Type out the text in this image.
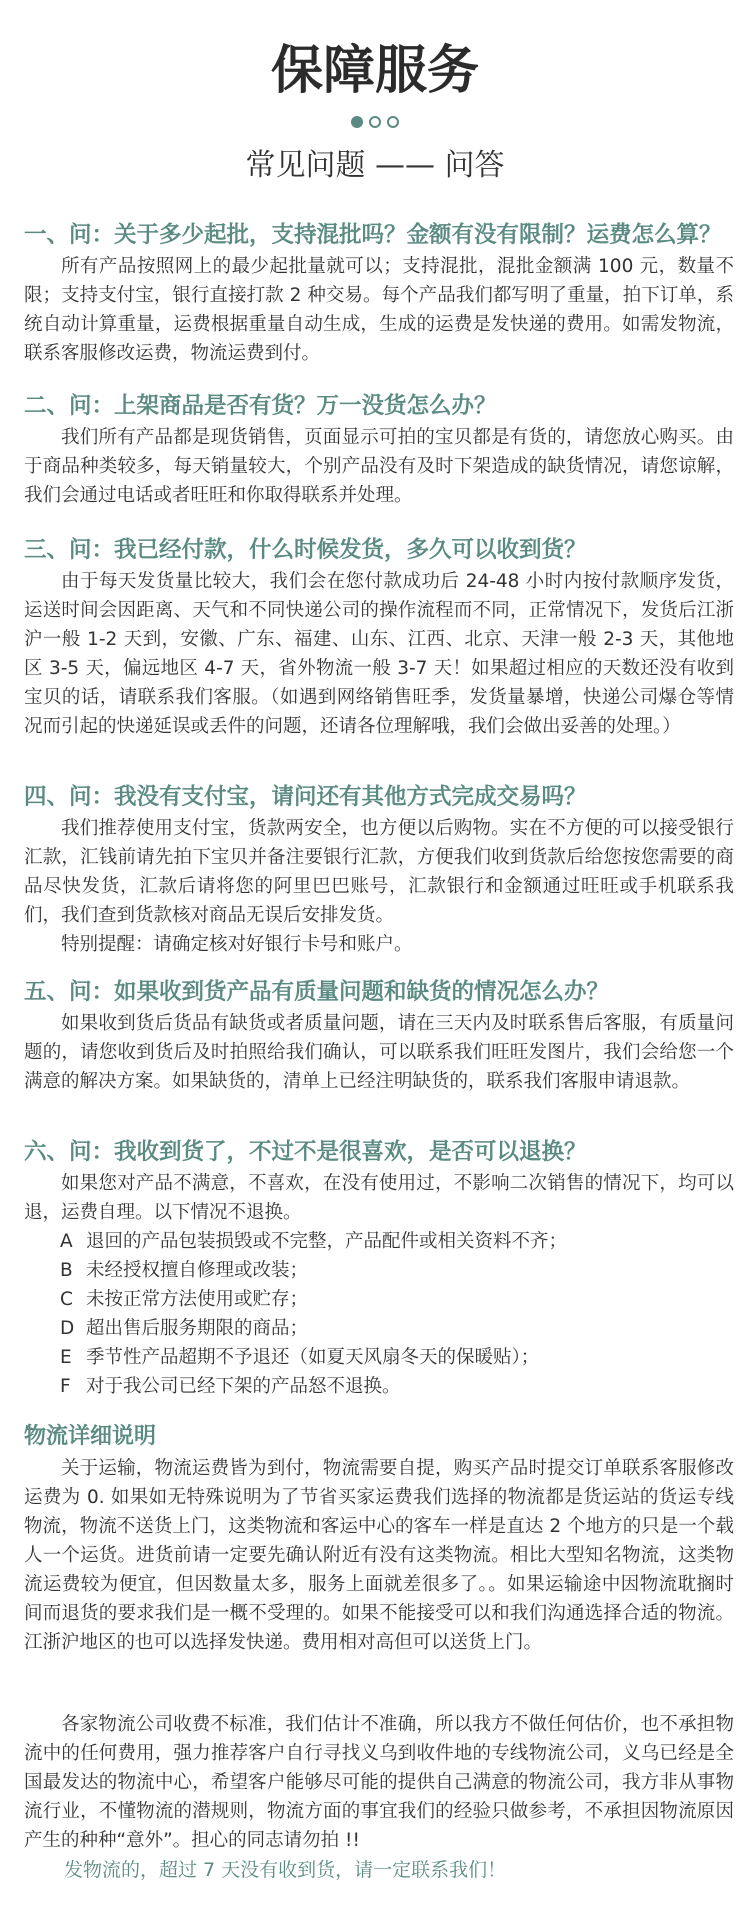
保障服务
常见问题 —— 问答
一、问：关于多少起批，支持混批吗？金额有没有限制？运费怎么算？

所有产品按照网上的最少起批量就可以；支持混批，混批金额满 100 元，数量不限；支持支付宝，银行直接打款 2 种交易。每个产品我们都写明了重量，拍下订单，系统自动计算重量，运费根据重量自动生成，生成的运费是发快递的费用。如需发物流，联系客服修改运费，物流运费到付。

二、问：上架商品是否有货？万一没货怎么办？

我们所有产品都是现货销售，页面显示可拍的宝贝都是有货的，请您放心购买。由于商品种类较多，每天销量较大，个别产品没有及时下架造成的缺货情况，请您谅解，我们会通过电话或者旺旺和你取得联系并处理。

三、问：我已经付款，什么时候发货，多久可以收到货？

由于每天发货量比较大，我们会在您付款成功后 24-48 小时内按付款顺序发货，运送时间会因距离、天气和不同快递公司的操作流程而不同，正常情况下，发货后江浙沪一般 1-2 天到，安徽、广东、福建、山东、江西、北京、天津一般 2-3 天，其他地区 3-5 天，偏远地区 4-7 天，省外物流一般 3-7 天！如果超过相应的天数还没有收到宝贝的话，请联系我们客服。（如遇到网络销售旺季，发货量暴增，快递公司爆仓等情况而引起的快递延误或丢件的问题，还请各位理解哦，我们会做出妥善的处理。）

四、问：我没有支付宝，请问还有其他方式完成交易吗？

我们推荐使用支付宝，货款两安全，也方便以后购物。实在不方便的可以接受银行汇款，汇钱前请先拍下宝贝并备注要银行汇款，方便我们收到货款后给您按您需要的商品尽快发货，汇款后请将您的阿里巴巴账号，汇款银行和金额通过旺旺或手机联系我们，我们查到货款核对商品无误后安排发货。

特别提醒：请确定核对好银行卡号和账户。

五、问：如果收到货产品有质量问题和缺货的情况怎么办？

如果收到货后货品有缺货或者质量问题，请在三天内及时联系售后客服，有质量问题的，请您收到货后及时拍照给我们确认，可以联系我们旺旺发图片，我们会给您一个满意的解决方案。如果缺货的，清单上已经注明缺货的，联系我们客服申请退款。

六、问：我收到货了，不过不是很喜欢，是否可以退换？

如果您对产品不满意，不喜欢，在没有使用过，不影响二次销售的情况下，均可以退，运费自理。以下情况不退换。

A 退回的产品包装损毁或不完整，产品配件或相关资料不齐；

B 未经授权擅自修理或改装；

C 未按正常方法使用或贮存；

D 超出售后服务期限的商品；

E 季节性产品超期不予退还（如夏天风扇冬天的保暖贴）；

F 对于我公司已经下架的产品怒不退换。

物流详细说明

关于运输，物流运费皆为到付，物流需要自提，购买产品时提交订单联系客服修改运费为 0. 如果如无特殊说明为了节省买家运费我们选择的物流都是货运站的货运专线物流，物流不送货上门，这类物流和客运中心的客车一样是直达 2 个地方的只是一个载人一个运货。进货前请一定要先确认附近有没有这类物流。相比大型知名物流，这类物流运费较为便宜，但因数量太多，服务上面就差很多了。。如果运输途中因物流耽搁时间而退货的要求我们是一概不受理的。如果不能接受可以和我们沟通选择合适的物流。江浙沪地区的也可以选择发快递。费用相对高但可以送货上门。

各家物流公司收费不标准，我们估计不准确，所以我方不做任何估价，也不承担物流中的任何费用，强力推荐客户自行寻找义乌到收件地的专线物流公司，义乌已经是全国最发达的物流中心，希望客户能够尽可能的提供自己满意的物流公司，我方非从事物流行业，不懂物流的潜规则，物流方面的事宜我们的经验只做参考，不承担因物流原因产生的种种“意外”。担心的同志请勿拍 !!

发物流的，超过 7 天没有收到货，请一定联系我们！
